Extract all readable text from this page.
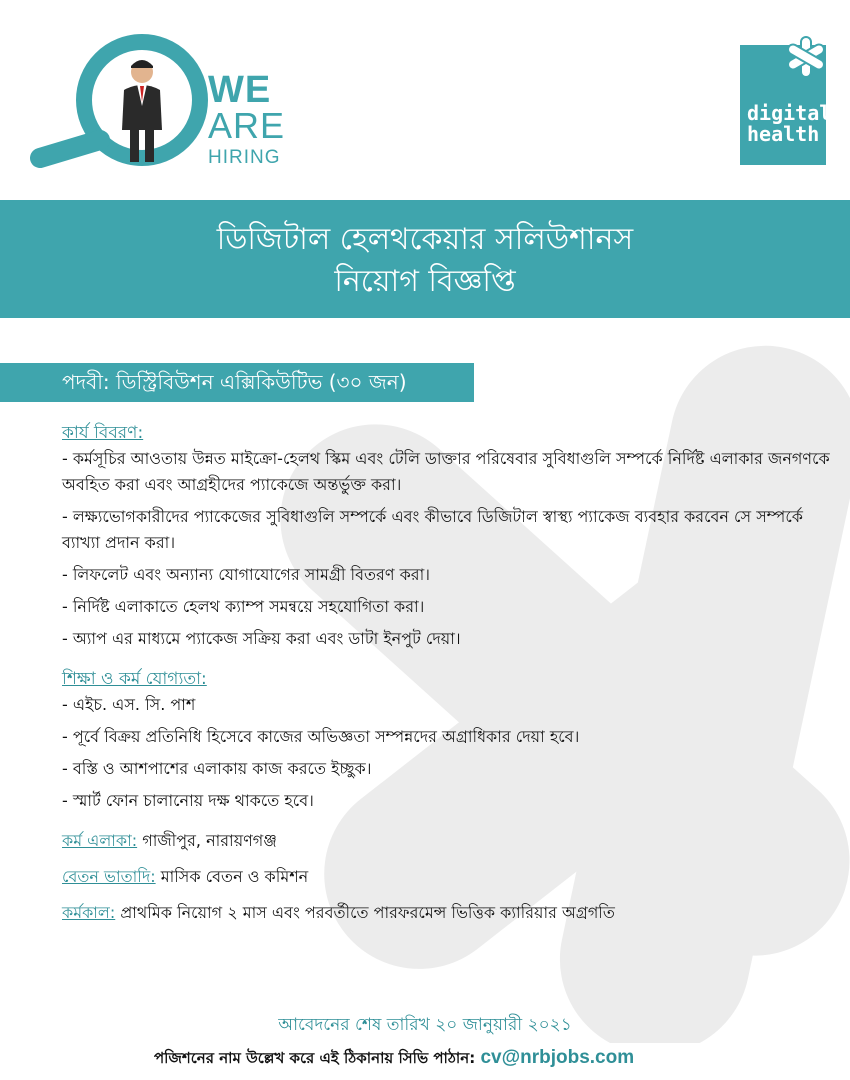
WE
ARE
HIRING
digital
health
ডিজিটাল হেলথকেয়ার সলিউশানস
নিয়োগ বিজ্ঞপ্তি
পদবী: ডিস্ট্রিবিউশন এক্সিকিউটিভ (৩০ জন)
কার্য বিবরণ:
- কর্মসূচির আওতায় উন্নত মাইক্রো-হেলথ স্কিম এবং টেলি ডাক্তার পরিষেবার সুবিধাগুলি সম্পর্কে নির্দিষ্ট এলাকার জনগণকে অবহিত করা এবং আগ্রহীদের প্যাকেজে অন্তর্ভুক্ত করা।
- লক্ষ্যভোগকারীদের প্যাকেজের সুবিধাগুলি সম্পর্কে এবং কীভাবে ডিজিটাল স্বাস্থ্য প্যাকেজ ব্যবহার করবেন সে সম্পর্কে ব্যাখ্যা প্রদান করা।
- লিফলেট এবং অন্যান্য যোগাযোগের সামগ্রী বিতরণ করা।
- নির্দিষ্ট এলাকাতে হেলথ ক্যাম্প সমন্বয়ে সহযোগিতা করা।
- অ্যাপ এর মাধ্যমে প্যাকেজ সক্রিয় করা এবং ডাটা ইনপুট দেয়া।
শিক্ষা ও কর্ম যোগ্যতা:
- এইচ. এস. সি. পাশ
- পূর্বে বিক্রয় প্রতিনিধি হিসেবে কাজের অভিজ্ঞতা সম্পন্নদের অগ্রাধিকার দেয়া হবে।
- বস্তি ও আশপাশের এলাকায় কাজ করতে ইচ্ছুক।
- স্মার্ট ফোন চালানোয় দক্ষ থাকতে হবে।
কর্ম এলাকা: গাজীপুর, নারায়ণগঞ্জ
বেতন ভাতাদি: মাসিক বেতন ও কমিশন
কর্মকাল: প্রাথমিক নিয়োগ ২ মাস এবং পরবর্তীতে পারফরমেন্স ভিত্তিক ক্যারিয়ার অগ্রগতি
আবেদনের শেষ তারিখ ২০ জানুয়ারী ২০২১
পজিশনের নাম উল্লেখ করে এই ঠিকানায় সিভি পাঠান: cv@nrbjobs.com
